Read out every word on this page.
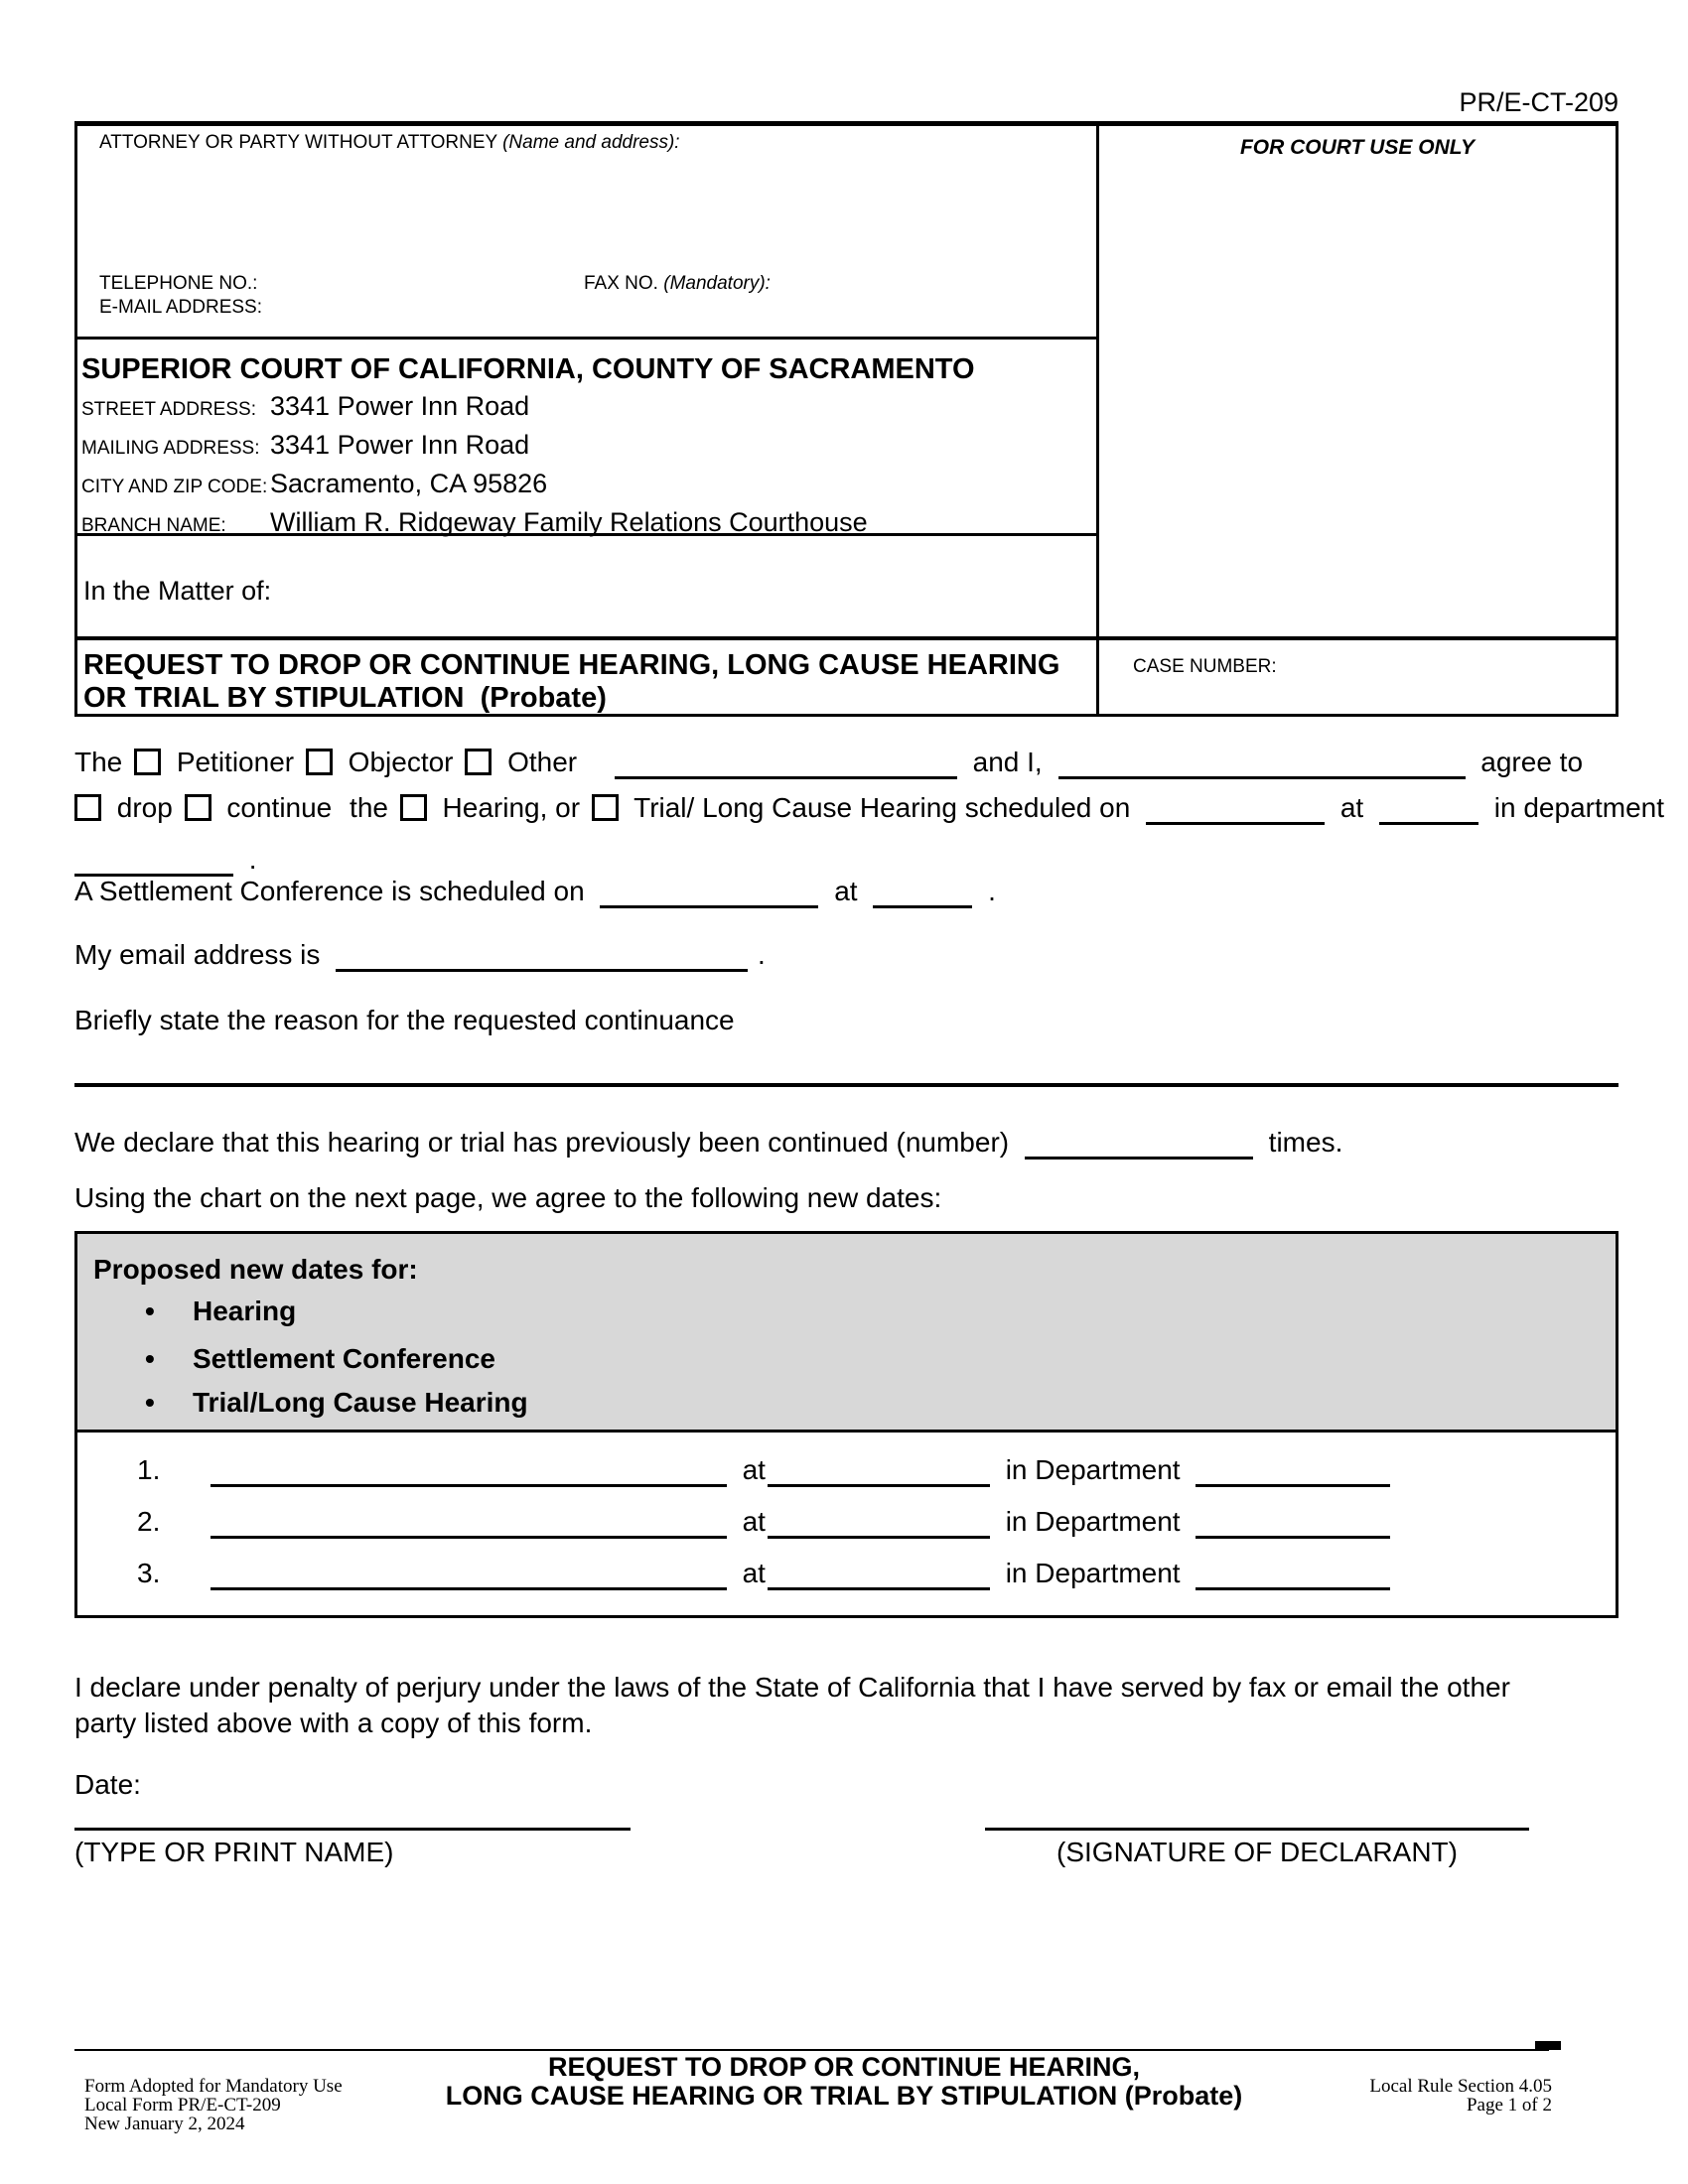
PR/E-CT-209
ATTORNEY OR PARTY WITHOUT ATTORNEY (Name and address):
TELEPHONE NO.:	FAX NO. (Mandatory):
E-MAIL ADDRESS:
SUPERIOR COURT OF CALIFORNIA, COUNTY OF SACRAMENTO
STREET ADDRESS: 3341 Power Inn Road
MAILING ADDRESS: 3341 Power Inn Road
CITY AND ZIP CODE: Sacramento, CA 95826
BRANCH NAME:	William R. Ridgeway Family Relations Courthouse
In the Matter of:
REQUEST TO DROP OR CONTINUE HEARING, LONG CAUSE HEARING
OR TRIAL BY STIPULATION  (Probate)
FOR COURT USE ONLY
CASE NUMBER:
The Petitioner Objector Other	and I,	agree to
drop continue the Hearing, or Trial/ Long Cause Hearing scheduled on	at	in department
.
A Settlement Conference is scheduled on	at	.
My email address is	.
Briefly state the reason for the requested continuance
We declare that this hearing or trial has previously been continued (number)	times.
Using the chart on the next page, we agree to the following new dates:
Proposed new dates for:
• Hearing
• Settlement Conference
• Trial/Long Cause Hearing
1.	at	in Department
2.	at	in Department
3.	at	in Department
I declare under penalty of perjury under the laws of the State of California that I have served by fax or email the other party listed above with a copy of this form.
Date:
(TYPE OR PRINT NAME)	(SIGNATURE OF DECLARANT)
REQUEST TO DROP OR CONTINUE HEARING,
LONG CAUSE HEARING OR TRIAL BY STIPULATION (Probate)
Form Adopted for Mandatory Use
Local Form PR/E-CT-209
New January 2, 2024
Local Rule Section 4.05
Page 1 of 2
